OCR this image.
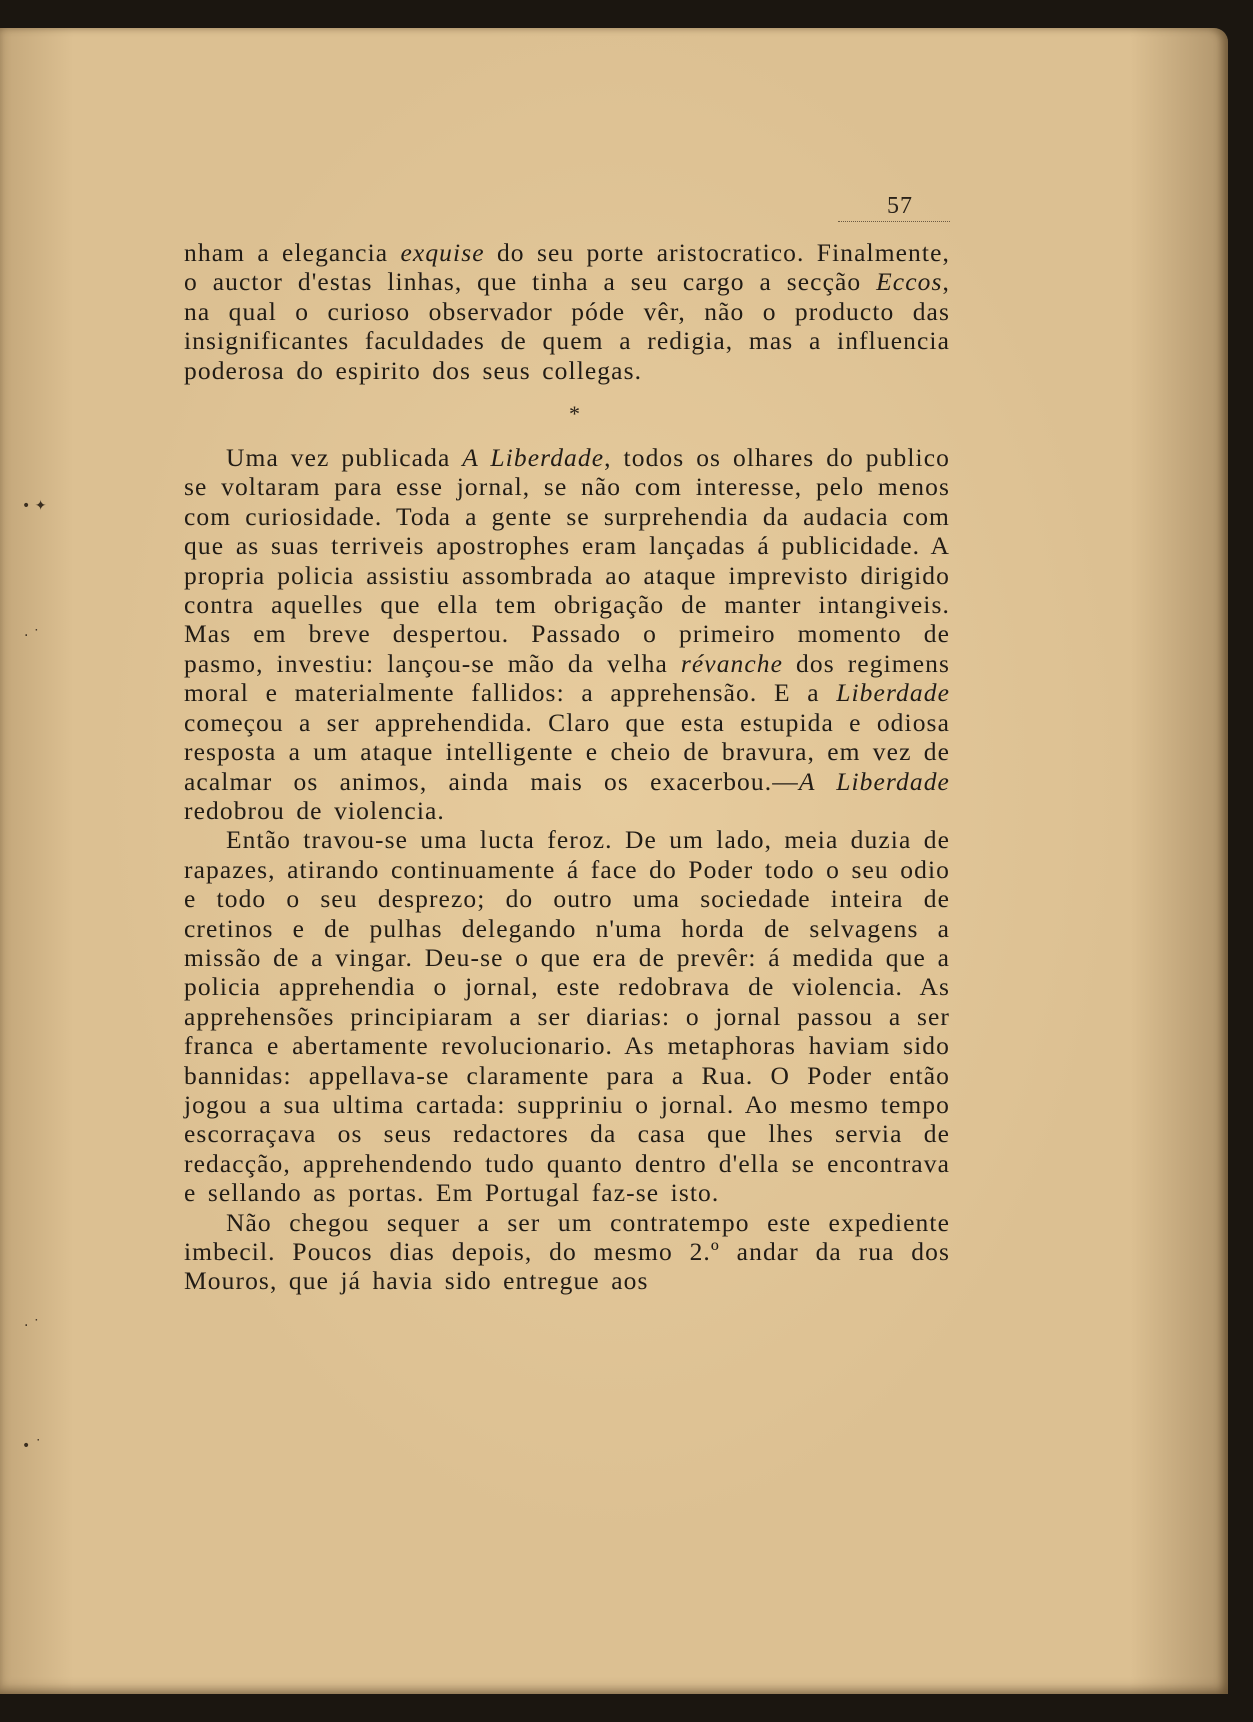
57
• ✦
· ˙
· ˙
• ˙

nham a elegancia exquise do seu porte aristocratico. Finalmente, o auctor d'estas linhas, que tinha a seu cargo a secção Eccos, na qual o curioso observador póde vêr, não o producto das insignificantes faculdades de quem a redigia, mas a influencia poderosa do espirito dos seus collegas.

*

Uma vez publicada A Liberdade, todos os olhares do publico se voltaram para esse jornal, se não com interesse, pelo menos com curiosidade. Toda a gente se surprehendia da audacia com que as suas terriveis apostrophes eram lançadas á publicidade. A propria policia assistiu assombrada ao ataque imprevisto dirigido contra aquelles que ella tem obrigação de manter intangiveis. Mas em breve despertou. Passado o primeiro momento de pasmo, investiu: lançou-se mão da velha révanche dos regimens moral e materialmente fallidos: a apprehensão. E a Liberdade começou a ser apprehendida. Claro que esta estupida e odiosa resposta a um ataque intelligente e cheio de bravura, em vez de acalmar os animos, ainda mais os exacerbou.—A Liberdade redobrou de violencia.

Então travou-se uma lucta feroz. De um lado, meia duzia de rapazes, atirando continuamente á face do Poder todo o seu odio e todo o seu desprezo; do outro uma sociedade inteira de cretinos e de pulhas delegando n'uma horda de selvagens a missão de a vingar. Deu-se o que era de prevêr: á medida que a policia apprehendia o jornal, este redobrava de violencia. As apprehensões principiaram a ser diarias: o jornal passou a ser franca e abertamente revolucionario. As metaphoras haviam sido bannidas: appellava-se claramente para a Rua. O Poder então jogou a sua ultima cartada: suppriniu o jornal. Ao mesmo tempo escorraçava os seus redactores da casa que lhes servia de redacção, apprehendendo tudo quanto dentro d'ella se encontrava e sellando as portas. Em Portugal faz-se isto.

Não chegou sequer a ser um contratempo este expediente imbecil. Poucos dias depois, do mesmo 2.º andar da rua dos Mouros, que já havia sido entregue aos
